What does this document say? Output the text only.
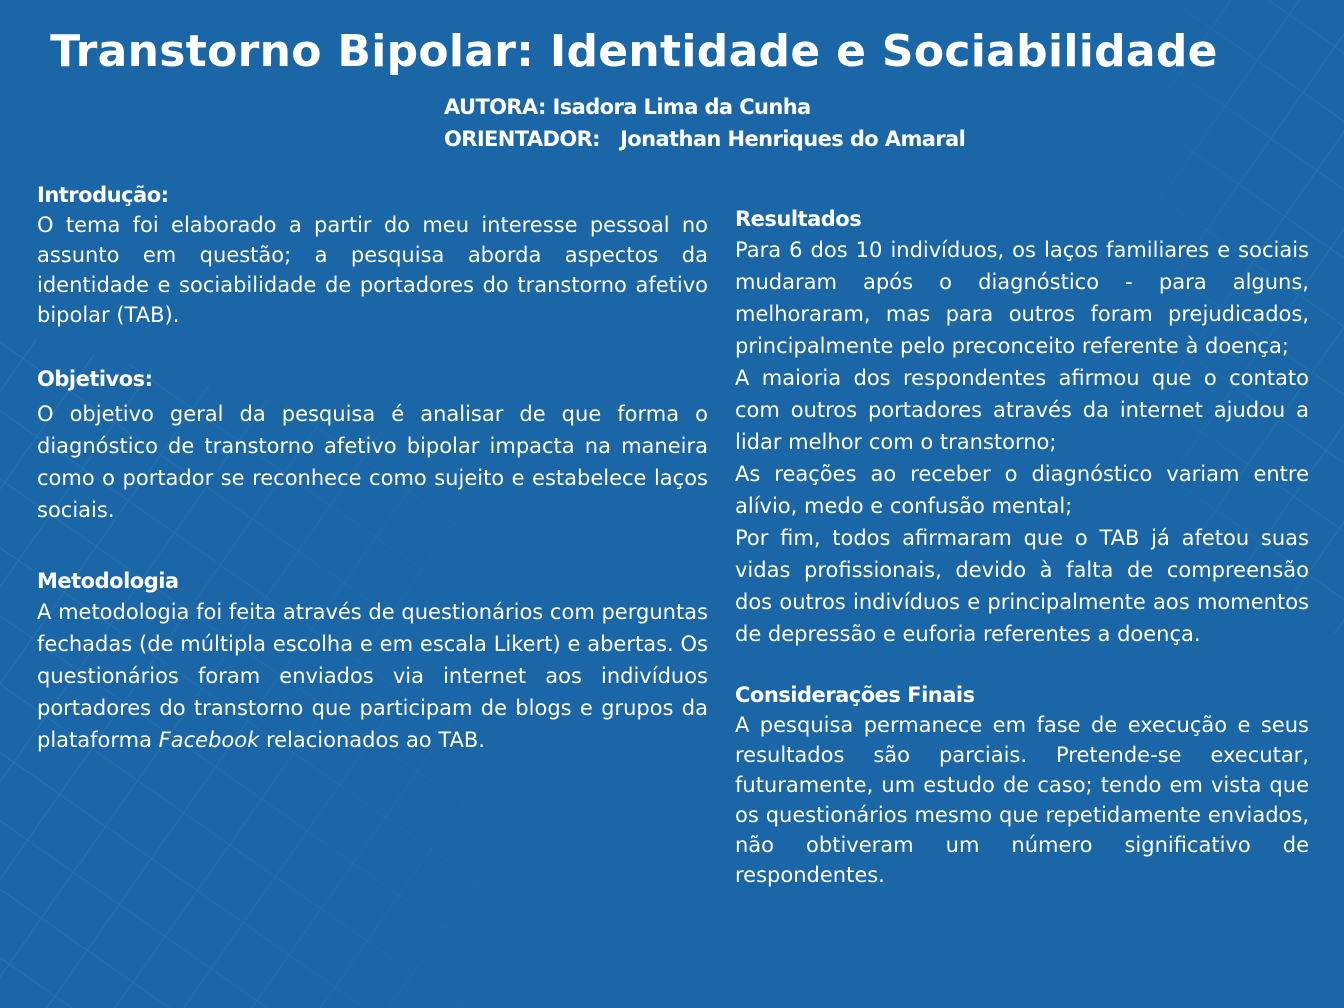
Transtorno Bipolar: Identidade e Sociabilidade
AUTORA: Isadora Lima da Cunha
ORIENTADOR:   Jonathan Henriques do Amaral

Introdução:

O tema foi elaborado a partir do meu interesse pessoal no assunto em questão; a pesquisa aborda aspectos da identidade e sociabilidade de portadores do transtorno afetivo bipolar (TAB).

Objetivos:

O objetivo geral da pesquisa é analisar de que forma o diagnóstico de transtorno afetivo bipolar impacta na maneira como o portador se reconhece como sujeito e estabelece laços sociais.

Metodologia

A metodologia foi feita através de questionários com perguntas fechadas (de múltipla escolha e em escala Likert) e abertas. Os questionários foram enviados via internet aos indivíduos portadores do transtorno que participam de blogs e grupos da plataforma Facebook relacionados ao TAB.

Resultados

Para 6 dos 10 indivíduos, os laços familiares e sociais mudaram após o diagnóstico - para alguns, melhoraram, mas para outros foram prejudicados, principalmente pelo preconceito referente à doença;

A maioria dos respondentes afirmou que o contato com outros portadores através da internet ajudou a lidar melhor com o transtorno;

As reações ao receber o diagnóstico variam entre alívio, medo e confusão mental;

Por fim, todos afirmaram que o TAB já afetou suas vidas profissionais, devido à falta de compreensão dos outros indivíduos e principalmente aos momentos de depressão e euforia referentes a doença.

Considerações Finais

A pesquisa permanece em fase de execução e seus resultados são parciais. Pretende-se executar, futuramente, um estudo de caso; tendo em vista que os questionários mesmo que repetidamente enviados, não obtiveram um número significativo de respondentes.
